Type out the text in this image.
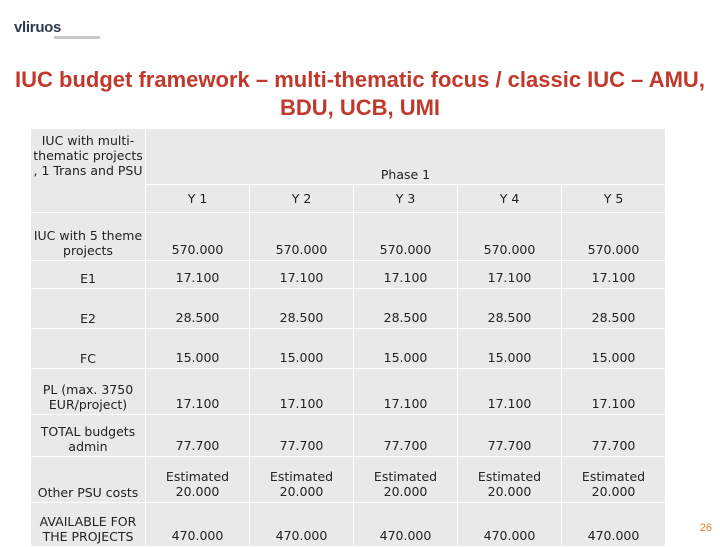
vliruos
IUC budget framework – multi-thematic focus / classic IUC – AMU, BDU, UCB, UMI
IUC with multi-thematic projects , 1 Trans and PSU	Phase 1				
	Y 1	Y 2	Y 3	Y 4	Y 5
IUC with 5 theme projects	570.000	570.000	570.000	570.000	570.000
E1	17.100	17.100	17.100	17.100	17.100
E2	28.500	28.500	28.500	28.500	28.500
FC	15.000	15.000	15.000	15.000	15.000
PL (max. 3750 EUR/project)	17.100	17.100	17.100	17.100	17.100
TOTAL budgets admin	77.700	77.700	77.700	77.700	77.700
Other PSU costs	Estimated 20.000	Estimated 20.000	Estimated 20.000	Estimated 20.000	Estimated 20.000
AVAILABLE FOR THE PROJECTS	470.000	470.000	470.000	470.000	470.000	26
